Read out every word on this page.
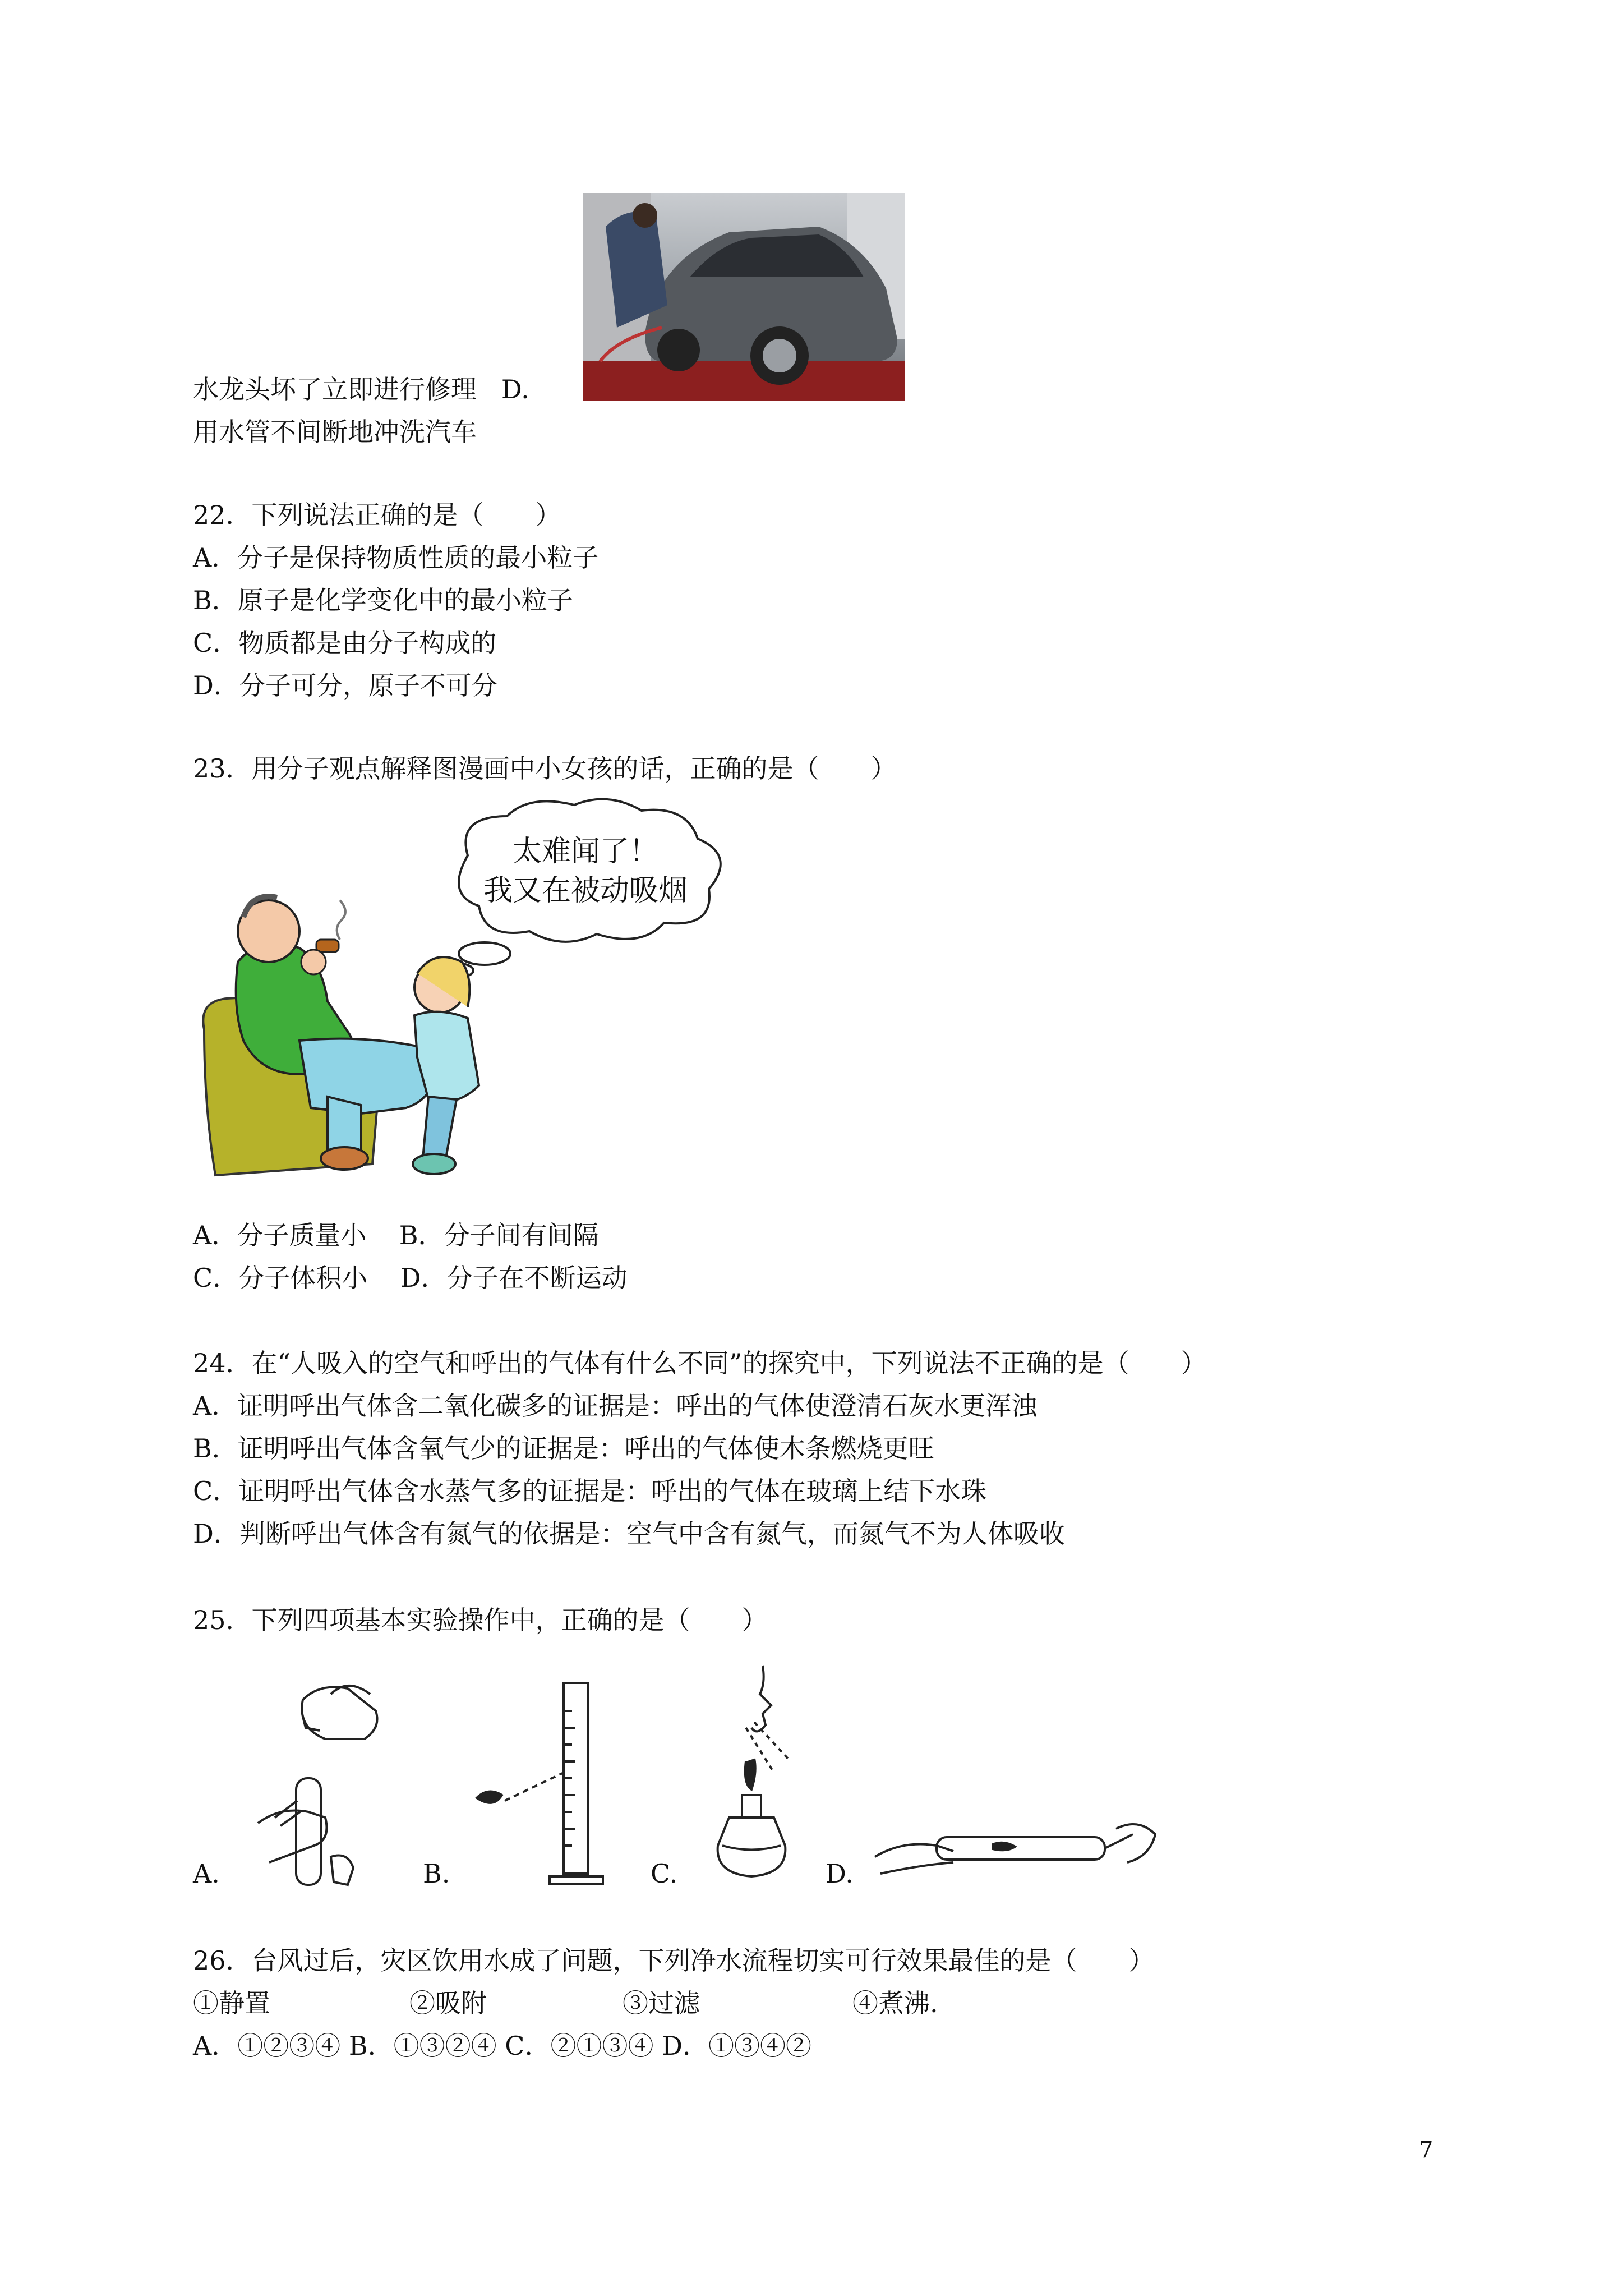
水龙头坏了立即进行修理   D.
用水管不间断地冲洗汽车
22．下列说法正确的是（　　）
A．分子是保持物质性质的最小粒子
B．原子是化学变化中的最小粒子
C．物质都是由分子构成的
D．分子可分，原子不可分
23．用分子观点解释图漫画中小女孩的话，正确的是（　　）
太难闻了！
我又在被动吸烟
A．分子质量小    B．分子间有间隔
C．分子体积小    D．分子在不断运动
24．在“人吸入的空气和呼出的气体有什么不同”的探究中，下列说法不正确的是（　　）
A．证明呼出气体含二氧化碳多的证据是：呼出的气体使澄清石灰水更浑浊
B．证明呼出气体含氧气少的证据是：呼出的气体使木条燃烧更旺
C．证明呼出气体含水蒸气多的证据是：呼出的气体在玻璃上结下水珠
D．判断呼出气体含有氮气的依据是：空气中含有氮气，而氮气不为人体吸收
25．下列四项基本实验操作中，正确的是（　　）
A.	B.	C.	D.
26．台风过后，灾区饮用水成了问题，下列净水流程切实可行效果最佳的是（　　）
①静置	②吸附	③过滤	④煮沸.
A．①②③④ B．①③②④ C．②①③④ D．①③④②
7
